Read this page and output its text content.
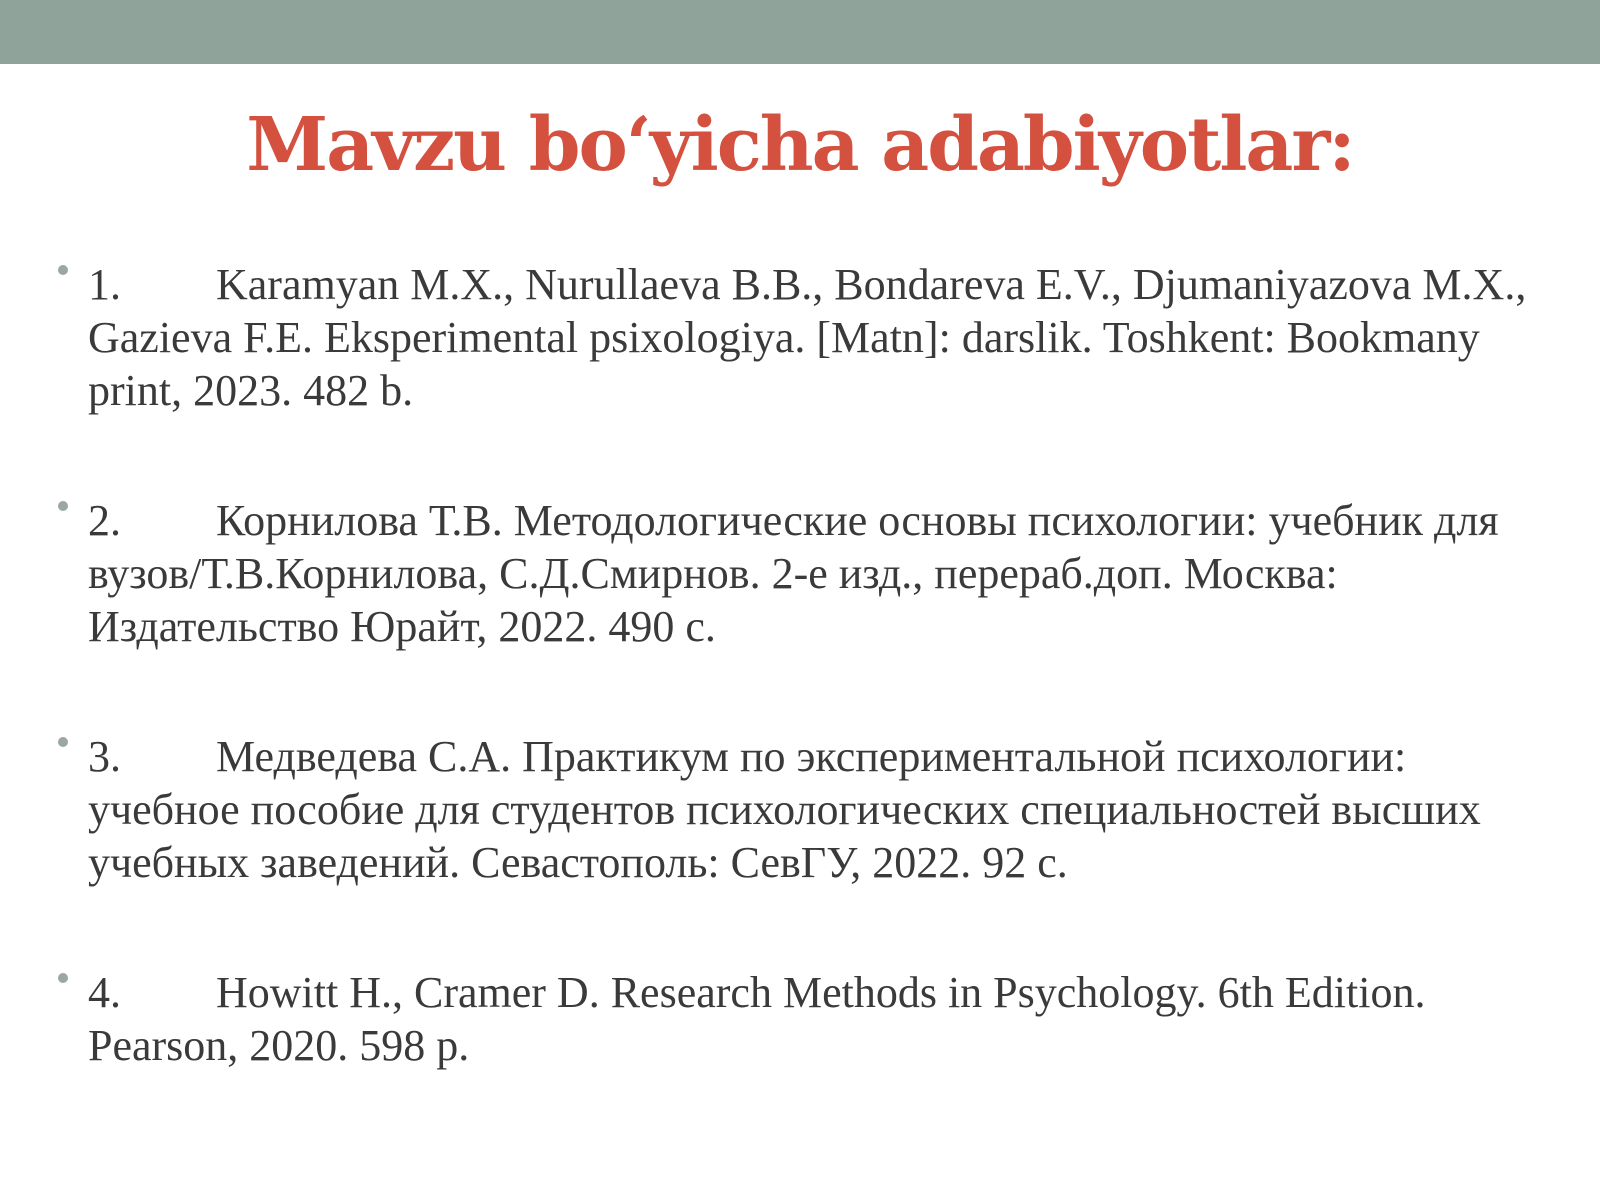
Mavzu bo‘yicha adabiyotlar:
1. Karamyan M.X., Nurullaeva B.B., Bondareva E.V., Djumaniyazova M.X., Gazieva F.E. Eksperimental psixologiya. [Matn]: darslik. Toshkent: Bookmany print, 2023. 482 b.
2. Корнилова Т.В. Методологические основы психологии: учебник для вузов/Т.В.Корнилова, С.Д.Смирнов. 2-е изд., перераб.доп. Москва: Издательство Юрайт, 2022. 490 с.
3. Медведева С.А. Практикум по экспериментальной психологии: учебное пособие для студентов психологических специальностей высших учебных заведений. Севастополь: СевГУ, 2022. 92 с.
4. Howitt H., Cramer D. Research Methods in Psychology. 6th Edition. Pearson, 2020. 598 p.
